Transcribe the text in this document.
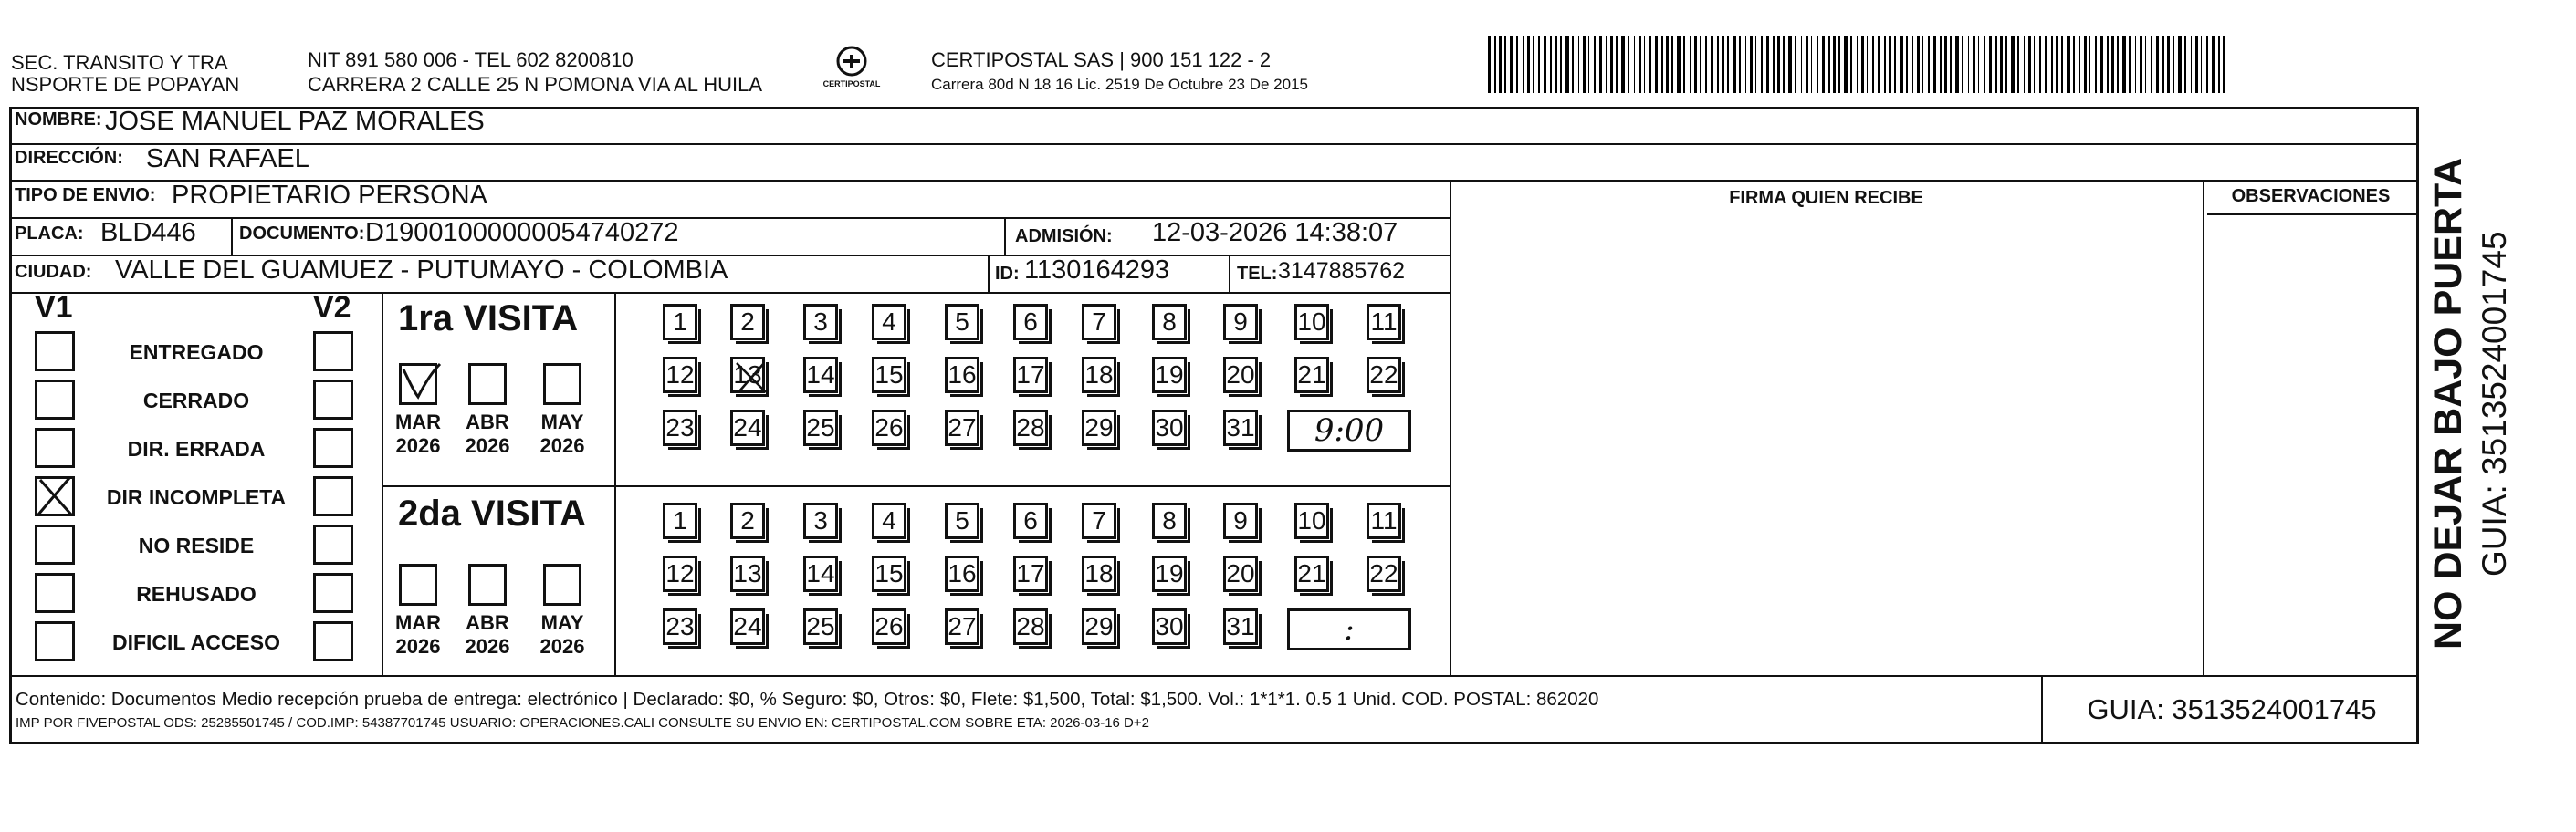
SEC. TRANSITO Y TRA
NSPORTE DE POPAYAN
NIT 891 580 006 - TEL 602 8200810
CARRERA 2 CALLE 25 N POMONA VIA AL HUILA	CERTIPOSTAL
CERTIPOSTAL SAS | 900 151 122 - 2
Carrera 80d N 18 16 Lic. 2519 De Octubre 23 De 2015
NOMBRE: JOSE MANUEL PAZ MORALES
DIRECCIÓN: SAN RAFAEL
TIPO DE ENVIO: PROPIETARIO PERSONA	FIRMA QUIEN RECIBE	OBSERVACIONES
PLACA: BLD446 DOCUMENTO: D19001000000054740272	ADMISIÓN: 12-03-2026 14:38:07
CIUDAD: VALLE DEL GUAMUEZ - PUTUMAYO - COLOMBIA	ID: 1130164293	TEL: 3147885762
V1	V2
ENTREGADO
CERRADO
DIR. ERRADA
DIR INCOMPLETA
NO RESIDE
REHUSADO
DIFICIL ACCESO
1ra VISITA
MAR
2026
ABR
2026
MAY
2026
1 2 3 4 5 6 7 8 9 10 11
12 13 14 15 16 17 18 19 20 21 22
23 24 25 26 27 28 29 30 31	9:00
2da VISITA
MAR
2026
ABR
2026
MAY
2026
1 2 3 4 5 6 7 8 9 10 11
12 13 14 15 16 17 18 19 20 21 22
23 24 25 26 27 28 29 30 31	:
Contenido: Documentos Medio recepción prueba de entrega: electrónico | Declarado: $0, % Seguro: $0, Otros: $0, Flete: $1,500, Total: $1,500. Vol.: 1*1*1. 0.5 1 Unid. COD. POSTAL: 862020
IMP POR FIVEPOSTAL ODS: 25285501745 / COD.IMP: 54387701745 USUARIO: OPERACIONES.CALI CONSULTE SU ENVIO EN: CERTIPOSTAL.COM SOBRE ETA: 2026-03-16 D+2	GUIA: 3513524001745
NO DEJAR BAJO PUERTA GUIA: 3513524001745
